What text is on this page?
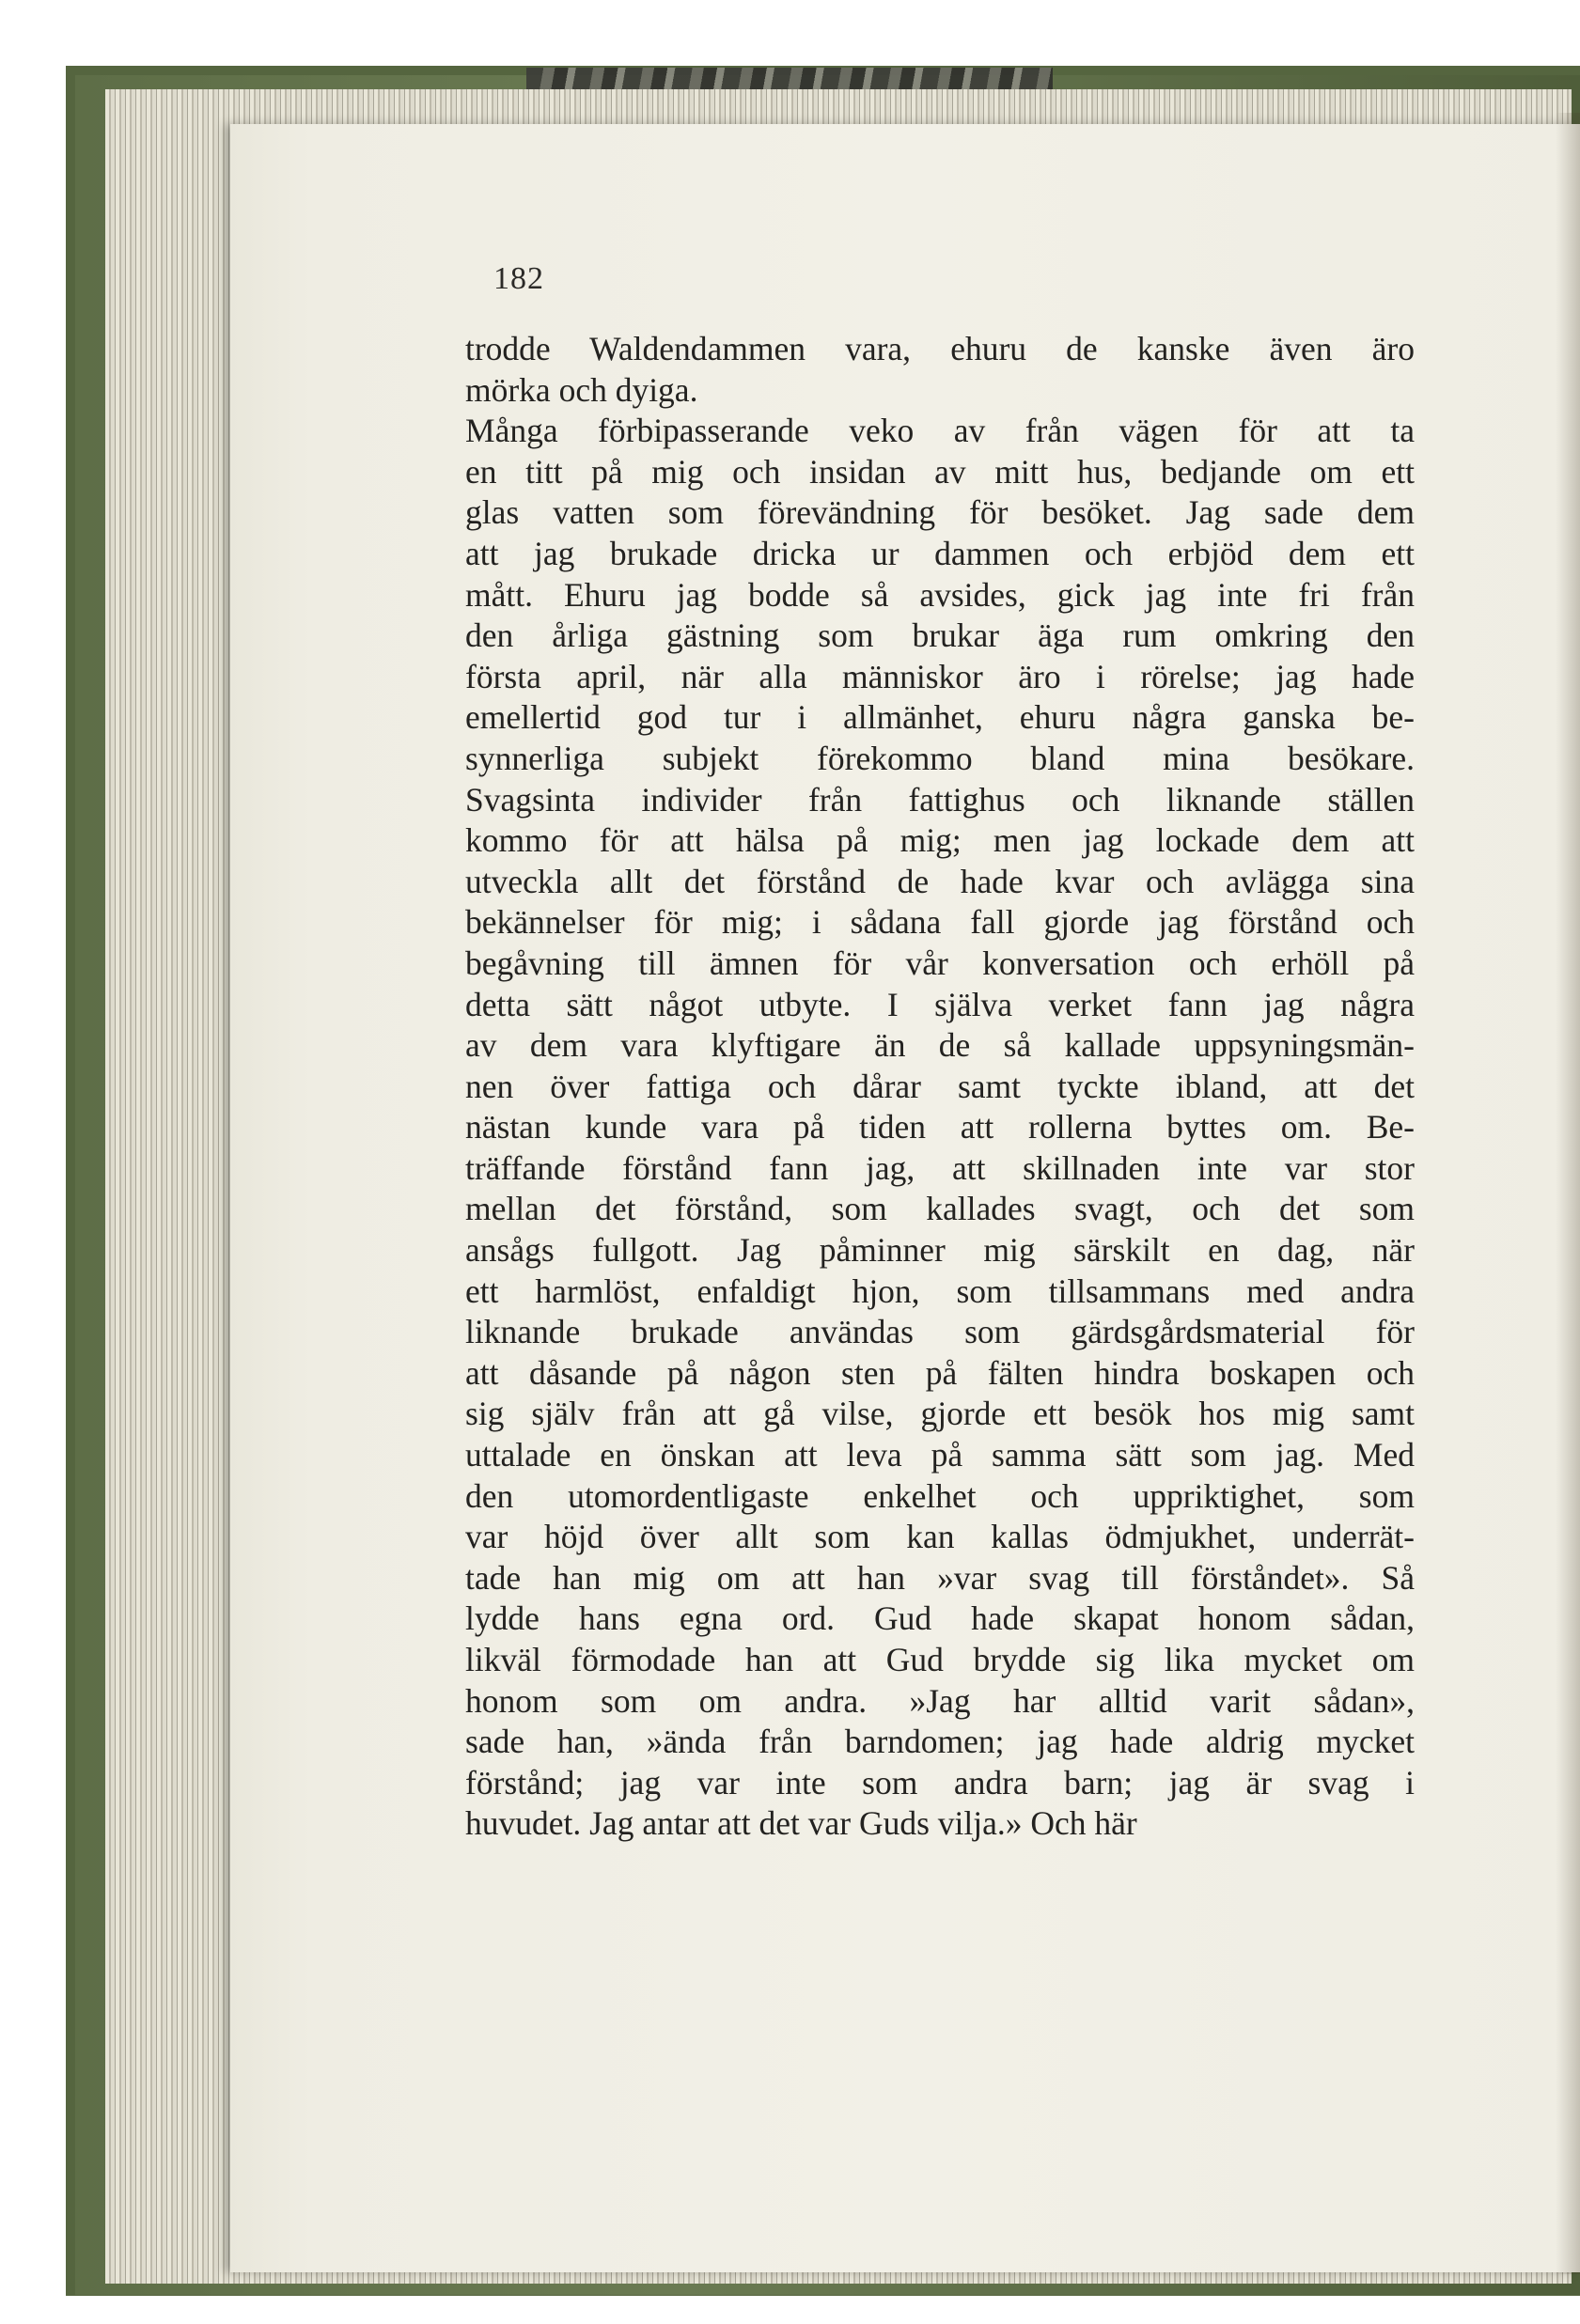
182
trodde Waldendammen vara, ehuru de kanske även äro
mörka och dyiga.
Många förbipasserande veko av från vägen för att ta
en titt på mig och insidan av mitt hus, bedjande om ett
glas vatten som förevändning för besöket. Jag sade dem
att jag brukade dricka ur dammen och erbjöd dem ett
mått. Ehuru jag bodde så avsides, gick jag inte fri från
den årliga gästning som brukar äga rum omkring den
första april, när alla människor äro i rörelse; jag hade
emellertid god tur i allmänhet, ehuru några ganska be-
synnerliga subjekt förekommo bland mina besökare.
Svagsinta individer från fattighus och liknande ställen
kommo för att hälsa på mig; men jag lockade dem att
utveckla allt det förstånd de hade kvar och avlägga sina
bekännelser för mig; i sådana fall gjorde jag förstånd och
begåvning till ämnen för vår konversation och erhöll på
detta sätt något utbyte. I själva verket fann jag några
av dem vara klyftigare än de så kallade uppsyningsmän-
nen över fattiga och dårar samt tyckte ibland, att det
nästan kunde vara på tiden att rollerna byttes om. Be-
träffande förstånd fann jag, att skillnaden inte var stor
mellan det förstånd, som kallades svagt, och det som
ansågs fullgott. Jag påminner mig särskilt en dag, när
ett harmlöst, enfaldigt hjon, som tillsammans med andra
liknande brukade användas som gärdsgårdsmaterial för
att dåsande på någon sten på fälten hindra boskapen och
sig själv från att gå vilse, gjorde ett besök hos mig samt
uttalade en önskan att leva på samma sätt som jag. Med
den utomordentligaste enkelhet och uppriktighet, som
var höjd över allt som kan kallas ödmjukhet, underrät-
tade han mig om att han »var svag till förståndet». Så
lydde hans egna ord. Gud hade skapat honom sådan,
likväl förmodade han att Gud brydde sig lika mycket om
honom som om andra. »Jag har alltid varit sådan»,
sade han, »ända från barndomen; jag hade aldrig mycket
förstånd; jag var inte som andra barn; jag är svag i
huvudet. Jag antar att det var Guds vilja.» Och här
